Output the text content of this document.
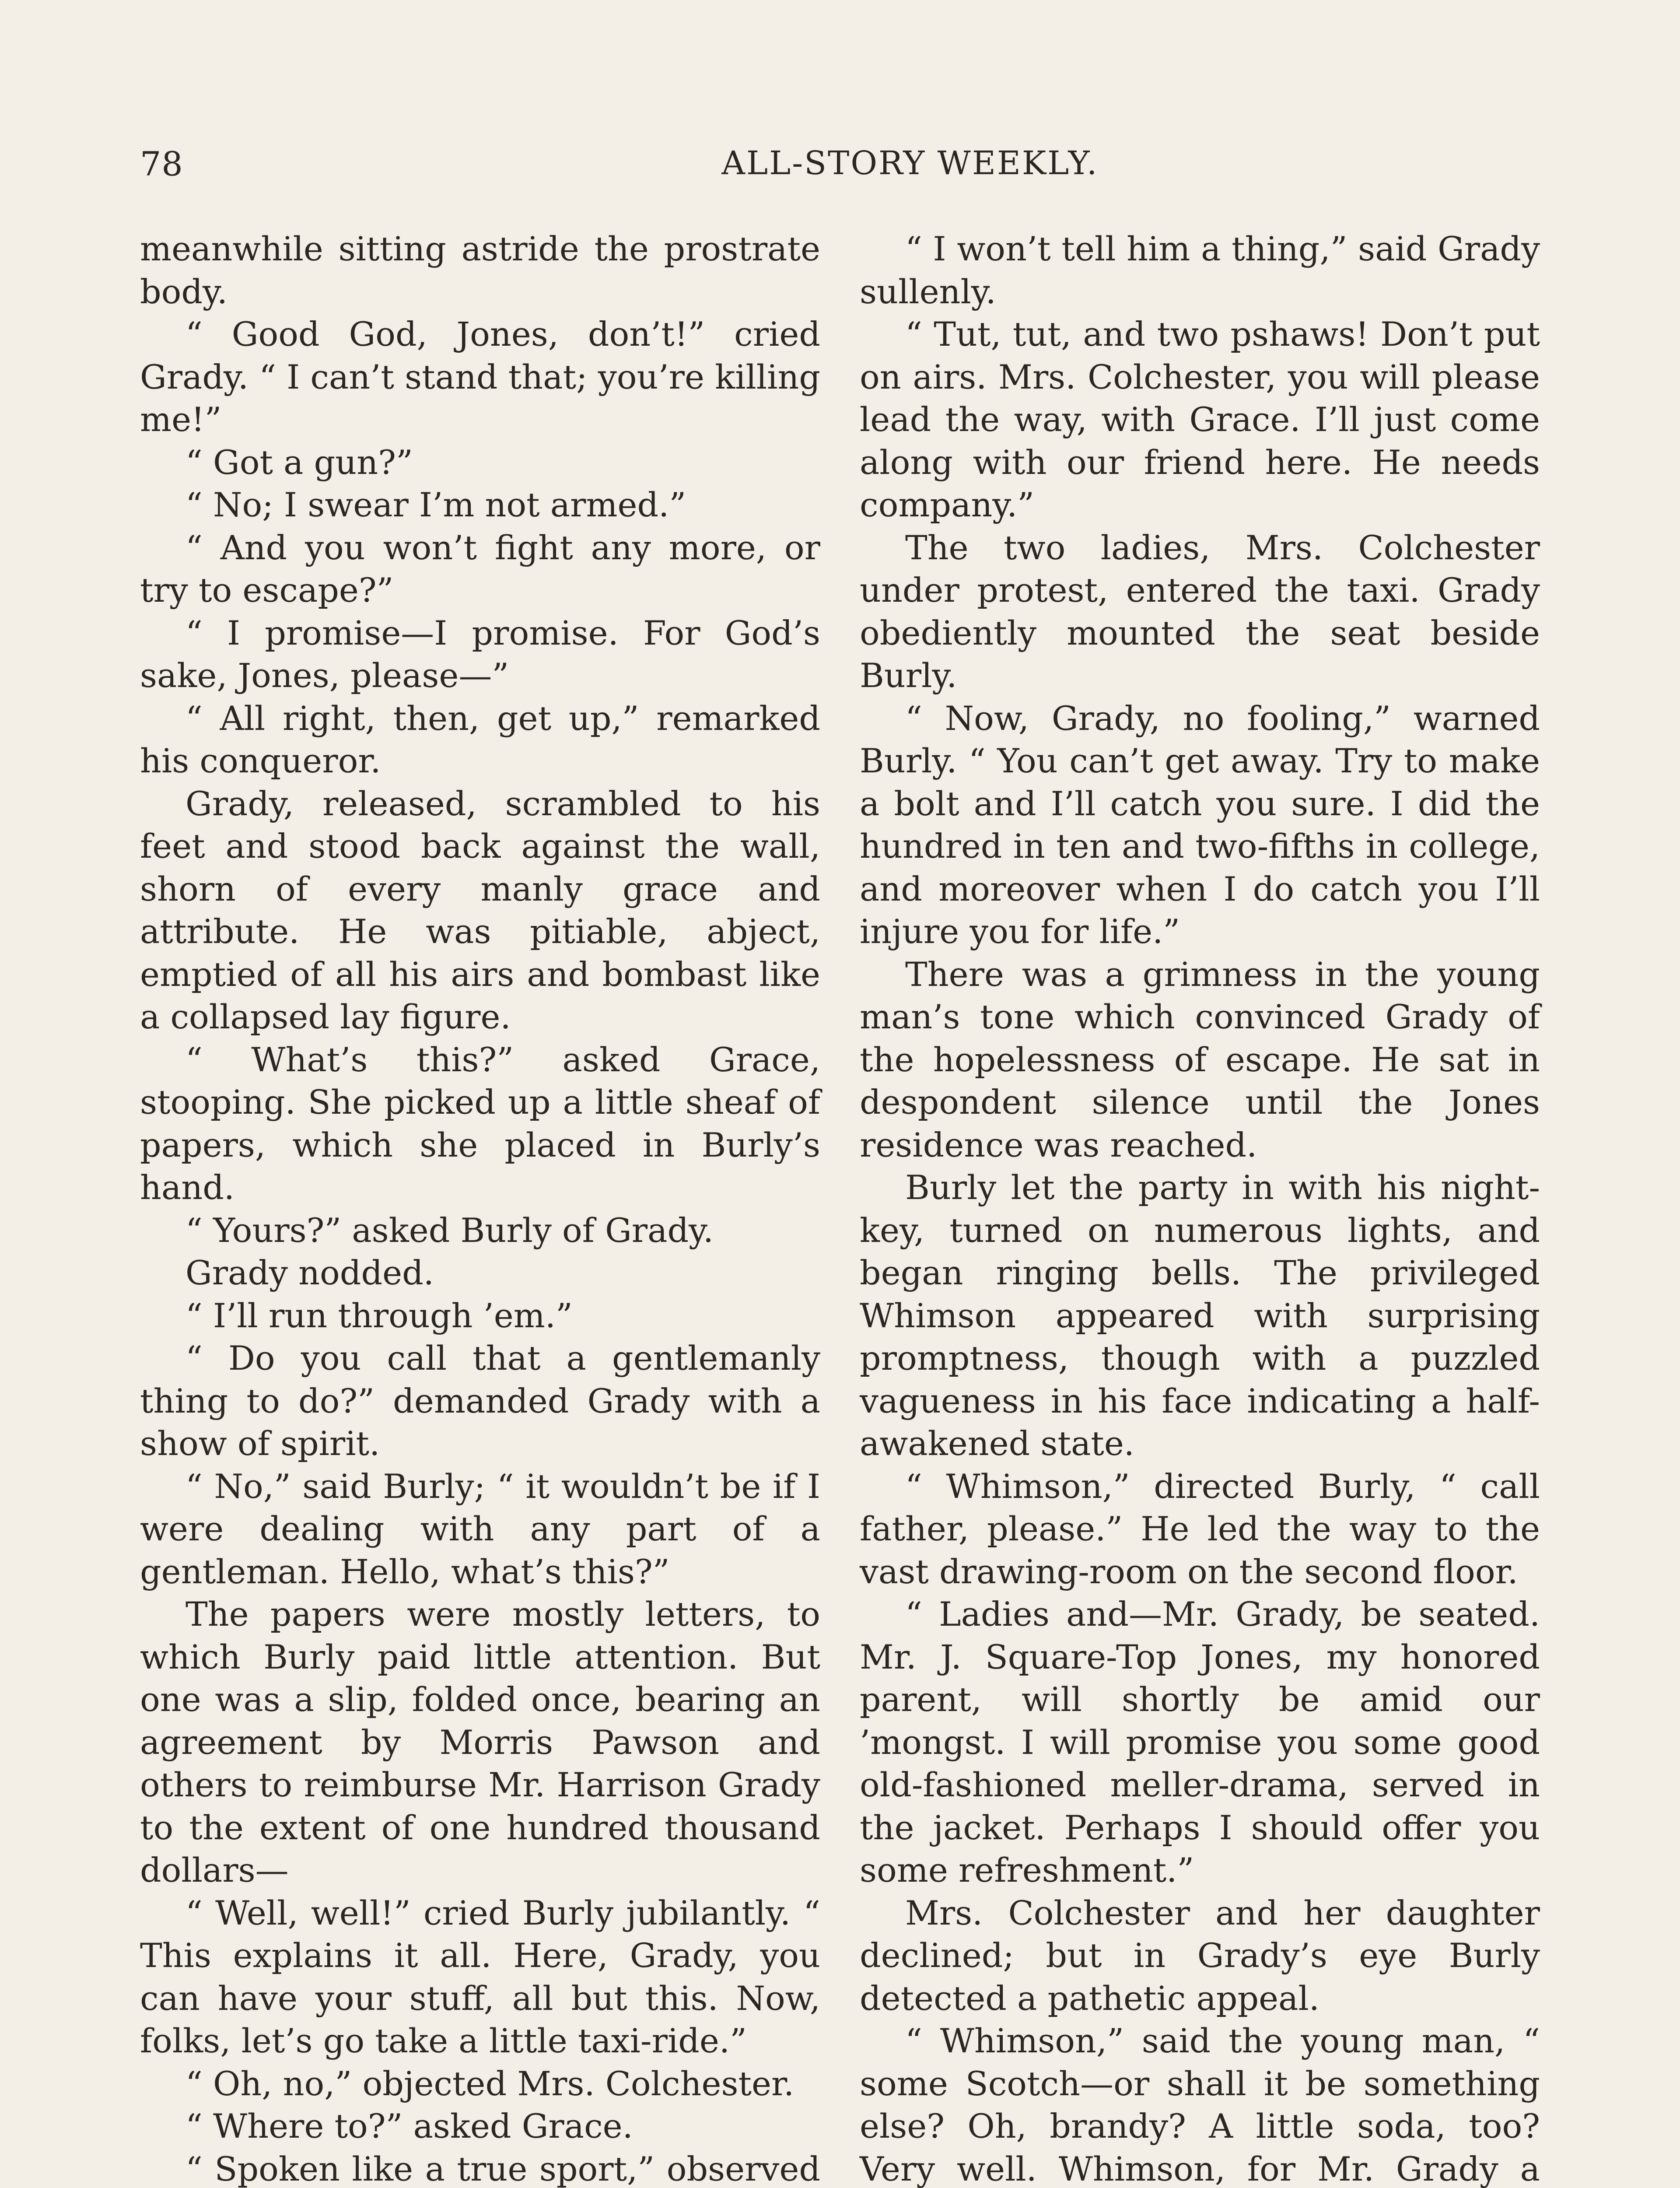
78	ALL-STORY WEEKLY.

meanwhile sitting astride the prostrate body.

“ Good God, Jones, don’t!” cried Grady. “ I can’t stand that; you’re killing me!”

“ Got a gun?”

“ No; I swear I’m not armed.”

“ And you won’t fight any more, or try to escape?”

“ I promise—I promise. For God’s sake, Jones, please—”

“ All right, then, get up,” remarked his conqueror.

Grady, released, scrambled to his feet and stood back against the wall, shorn of every manly grace and attribute. He was pitiable, abject, emptied of all his airs and bombast like a collapsed lay figure.

“ What’s this?” asked Grace, stooping. She picked up a little sheaf of papers, which she placed in Burly’s hand.

“ Yours?” asked Burly of Grady.

Grady nodded.

“ I’ll run through ’em.”

“ Do you call that a gentlemanly thing to do?” demanded Grady with a show of spirit.

“ No,” said Burly; “ it wouldn’t be if I were dealing with any part of a gentleman. Hello, what’s this?”

The papers were mostly letters, to which Burly paid little attention. But one was a slip, folded once, bearing an agreement by Morris Pawson and others to reimburse Mr. Harrison Grady to the extent of one hundred thousand dollars—

“ Well, well!” cried Burly jubilantly. “ This explains it all. Here, Grady, you can have your stuff, all but this. Now, folks, let’s go take a little taxi-ride.”

“ Oh, no,” objected Mrs. Colchester.

“ Where to?” asked Grace.

“ Spoken like a true sport,” observed

“ I won’t tell him a thing,” said Grady sullenly.

“ Tut, tut, and two pshaws! Don’t put on airs. Mrs. Colchester, you will please lead the way, with Grace. I’ll just come along with our friend here. He needs company.”

The two ladies, Mrs. Colchester under protest, entered the taxi. Grady obediently mounted the seat beside Burly.

“ Now, Grady, no fooling,” warned Burly. “ You can’t get away. Try to make a bolt and I’ll catch you sure. I did the hundred in ten and two-fifths in college, and moreover when I do catch you I’ll injure you for life.”

There was a grimness in the young man’s tone which convinced Grady of the hopelessness of escape. He sat in despondent silence until the Jones residence was reached.

Burly let the party in with his night-key, turned on numerous lights, and began ringing bells. The privileged Whimson appeared with surprising promptness, though with a puzzled vagueness in his face indicating a half-awakened state.

“ Whimson,” directed Burly, “ call father, please.” He led the way to the vast drawing-room on the second floor.

“ Ladies and—Mr. Grady, be seated. Mr. J. Square-Top Jones, my honored parent, will shortly be amid our ’mongst. I will promise you some good old-fashioned meller-drama, served in the jacket. Perhaps I should offer you some refreshment.”

Mrs. Colchester and her daughter declined; but in Grady’s eye Burly detected a pathetic appeal.

“ Whimson,” said the young man, “ some Scotch—or shall it be something else? Oh, brandy? A little soda, too? Very well. Whimson, for Mr. Grady a
